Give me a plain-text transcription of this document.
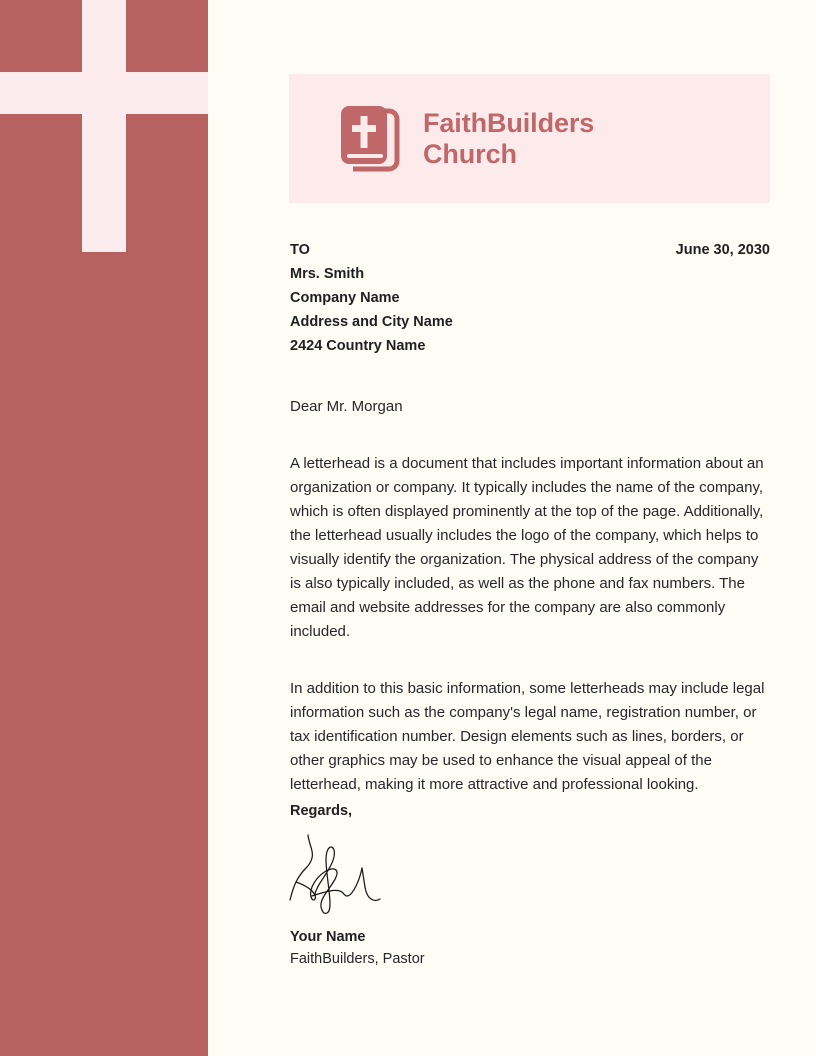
FaithBuilders
Church
TO
Mrs. Smith
Company Name
Address and City Name
2424 Country Name
June 30, 2030

Dear Mr. Morgan

A letterhead is a document that includes important information about an organization or company. It typically includes the name of the company, which is often displayed prominently at the top of the page. Additionally, the letterhead usually includes the logo of the company, which helps to visually identify the organization. The physical address of the company is also typically included, as well as the phone and fax numbers. The email and website addresses for the company are also commonly included.

In addition to this basic information, some letterheads may include legal information such as the company's legal name, registration number, or tax identification number. Design elements such as lines, borders, or other graphics may be used to enhance the visual appeal of the letterhead, making it more attractive and professional looking.

Regards,

Your Name

FaithBuilders, Pastor
